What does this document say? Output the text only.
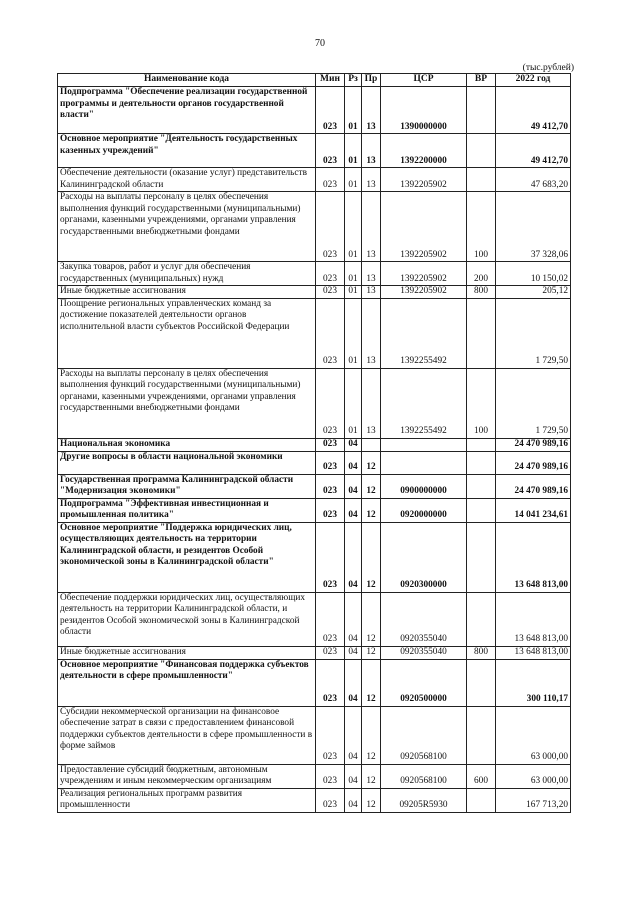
70
(тыс.рублей)
Наименование кода	Мин	Рз	Пр	ЦСР	ВР	2022 год
Подпрограмма "Обеспечение реализации государственной программы и деятельности органов государственной власти"	023	01	13	1390000000		49 412,70
Основное мероприятие "Деятельность государственных казенных учреждений"	023	01	13	1392200000		49 412,70
Обеспечение деятельности (оказание услуг) представительств Калининградской области	023	01	13	1392205902		47 683,20
Расходы на выплаты персоналу в целях обеспечения выполнения функций государственными (муниципальными) органами, казенными учреждениями, органами управления государственными внебюджетными фондами	023	01	13	1392205902	100	37 328,06
Закупка товаров, работ и услуг для обеспечения государственных (муниципальных) нужд	023	01	13	1392205902	200	10 150,02
Иные бюджетные ассигнования	023	01	13	1392205902	800	205,12
Поощрение региональных управленческих команд за достижение показателей деятельности органов исполнительной власти субъектов Российской Федерации	023	01	13	1392255492		1 729,50
Расходы на выплаты персоналу в целях обеспечения выполнения функций государственными (муниципальными) органами, казенными учреждениями, органами управления государственными внебюджетными фондами	023	01	13	1392255492	100	1 729,50
Национальная экономика	023	04				24 470 989,16
Другие вопросы в области национальной экономики	023	04	12			24 470 989,16
Государственная программа Калининградской области "Модернизация экономики"	023	04	12	0900000000		24 470 989,16
Подпрограмма "Эффективная инвестиционная и промышленная политика"	023	04	12	0920000000		14 041 234,61
Основное мероприятие "Поддержка юридических лиц, осуществляющих деятельность на территории Калининградской области, и резидентов Особой экономической зоны в Калининградской области"	023	04	12	0920300000		13 648 813,00
Обеспечение поддержки юридических лиц, осуществляющих деятельность на территории Калининградской области, и резидентов Особой экономической зоны в Калининградской области	023	04	12	0920355040		13 648 813,00
Иные бюджетные ассигнования	023	04	12	0920355040	800	13 648 813,00
Основное мероприятие "Финансовая поддержка субъектов деятельности в сфере промышленности"	023	04	12	0920500000		300 110,17
Субсидии некоммерческой организации на финансовое обеспечение затрат в связи с предоставлением финансовой поддержки субъектов деятельности в сфере промышленности в форме займов	023	04	12	0920568100		63 000,00
Предоставление субсидий бюджетным, автономным учреждениям и иным некоммерческим организациям	023	04	12	0920568100	600	63 000,00
Реализация региональных программ развития промышленности	023	04	12	09205R5930		167 713,20
